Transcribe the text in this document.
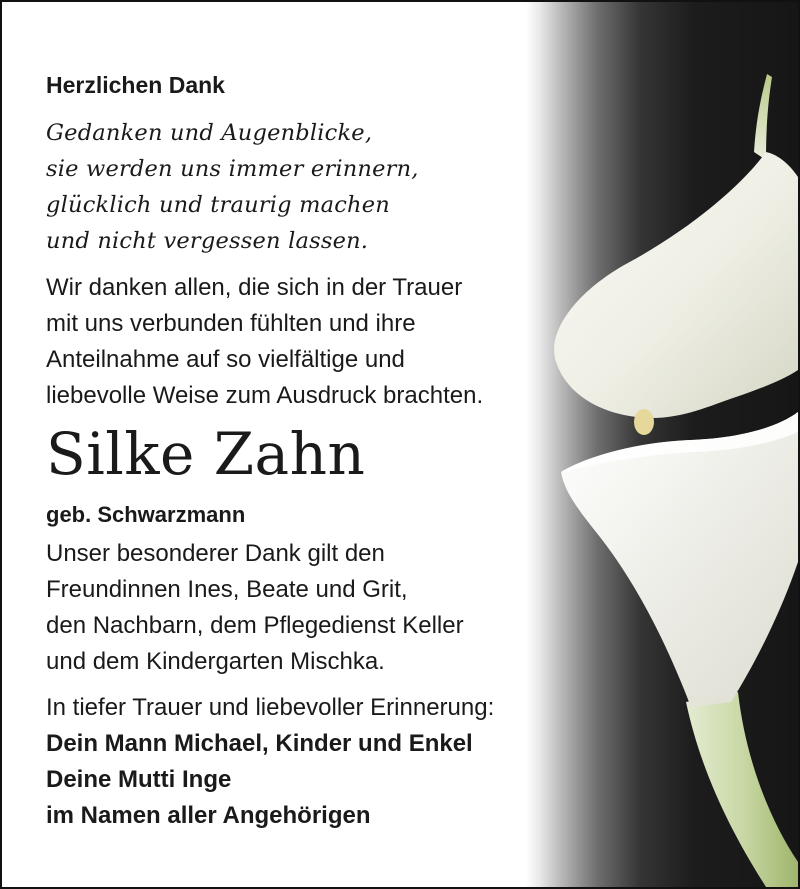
Herzlichen Dank
Gedanken und Augenblicke,
sie werden uns immer erinnern,
glücklich und traurig machen
und nicht vergessen lassen.
Wir danken allen, die sich in der Trauer
mit uns verbunden fühlten und ihre
Anteilnahme auf so vielfältige und
liebevolle Weise zum Ausdruck brachten.
Silke Zahn
geb. Schwarzmann
Unser besonderer Dank gilt den
Freundinnen Ines, Beate und Grit,
den Nachbarn, dem Pflegedienst Keller
und dem Kindergarten Mischka.
In tiefer Trauer und liebevoller Erinnerung:
Dein Mann Michael, Kinder und Enkel
Deine Mutti Inge
im Namen aller Angehörigen
